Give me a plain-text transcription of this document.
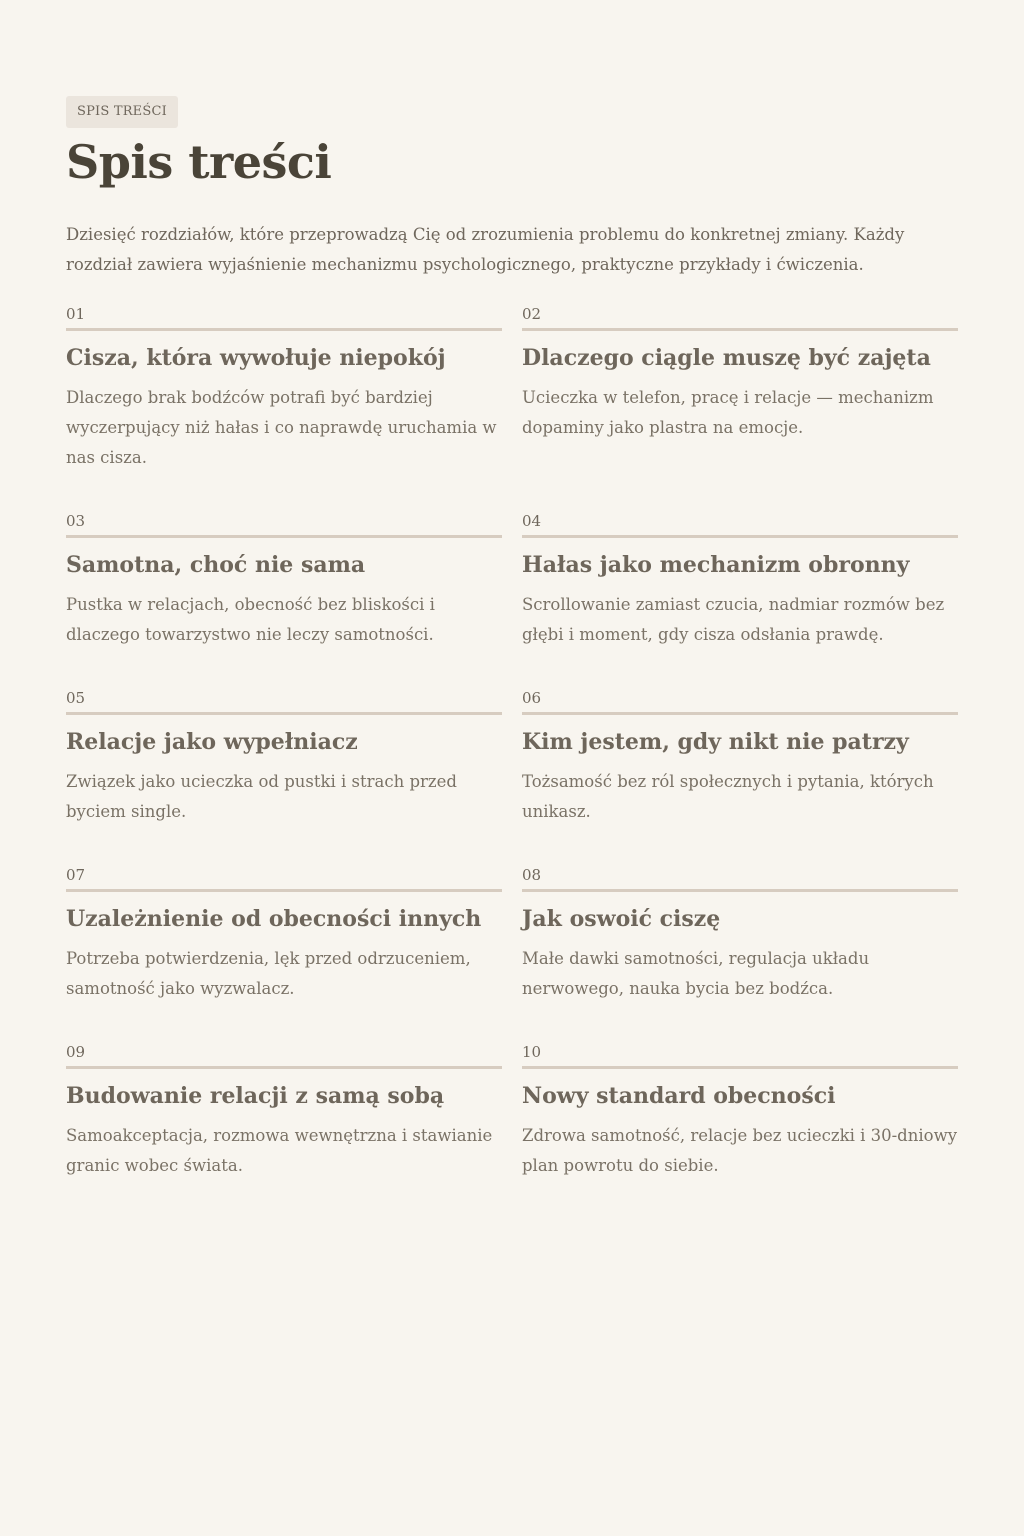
SPIS TREŚCI
Spis treści

Dziesięć rozdziałów, które przeprowadzą Cię od zrozumienia problemu do konkretnej zmiany. Każdy rozdział zawiera wyjaśnienie mechanizmu psychologicznego, praktyczne przykłady i ćwiczenia.

01
Cisza, która wywołuje niepokój
Dlaczego brak bodźców potrafi być bardziej wyczerpujący niż hałas i co naprawdę uruchamia w nas cisza.
02
Dlaczego ciągle muszę być zajęta
Ucieczka w telefon, pracę i relacje — mechanizm dopaminy jako plastra na emocje.
03
Samotna, choć nie sama
Pustka w relacjach, obecność bez bliskości i dlaczego towarzystwo nie leczy samotności.
04
Hałas jako mechanizm obronny
Scrollowanie zamiast czucia, nadmiar rozmów bez głębi i moment, gdy cisza odsłania prawdę.
05
Relacje jako wypełniacz
Związek jako ucieczka od pustki i strach przed byciem single.
06
Kim jestem, gdy nikt nie patrzy
Tożsamość bez ról społecznych i pytania, których unikasz.
07
Uzależnienie od obecności innych
Potrzeba potwierdzenia, lęk przed odrzuceniem, samotność jako wyzwalacz.
08
Jak oswoić ciszę
Małe dawki samotności, regulacja układu nerwowego, nauka bycia bez bodźca.
09
Budowanie relacji z samą sobą
Samoakceptacja, rozmowa wewnętrzna i stawianie granic wobec świata.
10
Nowy standard obecności
Zdrowa samotność, relacje bez ucieczki i 30-dniowy plan powrotu do siebie.
